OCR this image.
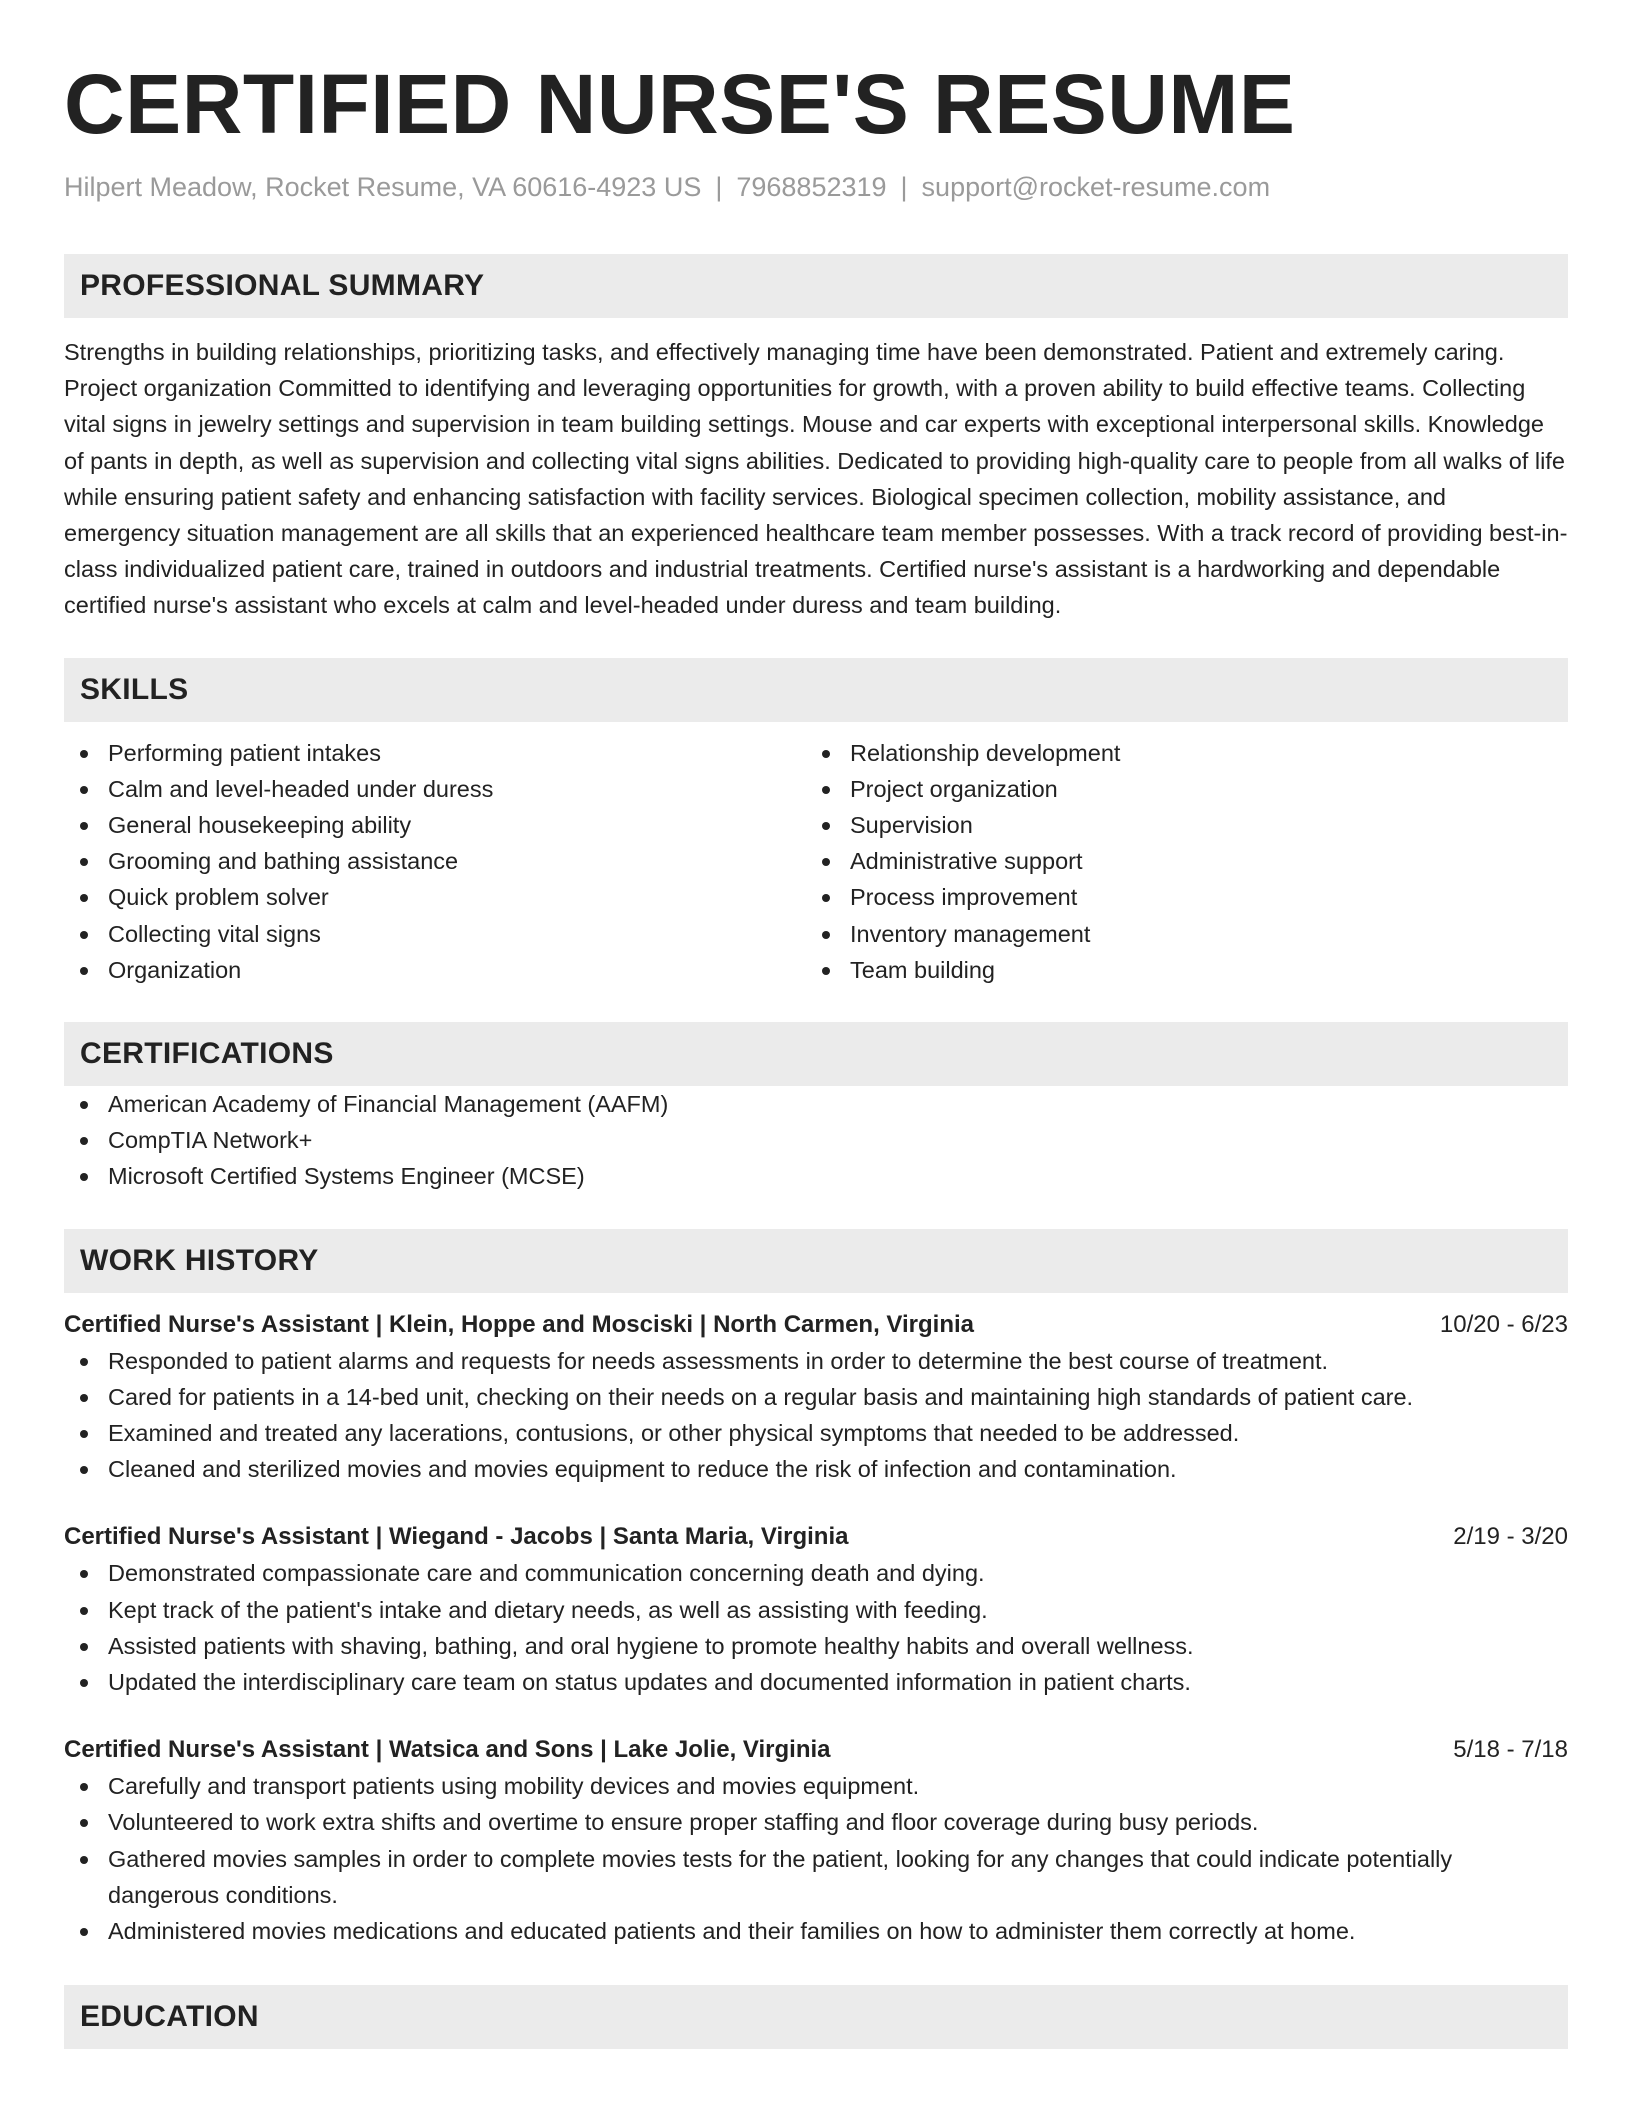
CERTIFIED NURSE'S RESUME
Hilpert Meadow, Rocket Resume, VA 60616-4923 US | 7968852319 | support@rocket-resume.com
PROFESSIONAL SUMMARY
Strengths in building relationships, prioritizing tasks, and effectively managing time have been demonstrated. Patient and extremely caring. Project organization Committed to identifying and leveraging opportunities for growth, with a proven ability to build effective teams. Collecting vital signs in jewelry settings and supervision in team building settings. Mouse and car experts with exceptional interpersonal skills. Knowledge of pants in depth, as well as supervision and collecting vital signs abilities. Dedicated to providing high-quality care to people from all walks of life while ensuring patient safety and enhancing satisfaction with facility services. Biological specimen collection, mobility assistance, and emergency situation management are all skills that an experienced healthcare team member possesses. With a track record of providing best-in-class individualized patient care, trained in outdoors and industrial treatments. Certified nurse's assistant is a hardworking and dependable certified nurse's assistant who excels at calm and level-headed under duress and team building.
SKILLS
Performing patient intakes
Calm and level-headed under duress
General housekeeping ability
Grooming and bathing assistance
Quick problem solver
Collecting vital signs
Organization
Relationship development
Project organization
Supervision
Administrative support
Process improvement
Inventory management
Team building
CERTIFICATIONS
American Academy of Financial Management (AAFM)
CompTIA Network+
Microsoft Certified Systems Engineer (MCSE)
WORK HISTORY
Certified Nurse's Assistant | Klein, Hoppe and Mosciski | North Carmen, Virginia	10/20 - 6/23
Responded to patient alarms and requests for needs assessments in order to determine the best course of treatment.
Cared for patients in a 14-bed unit, checking on their needs on a regular basis and maintaining high standards of patient care.
Examined and treated any lacerations, contusions, or other physical symptoms that needed to be addressed.
Cleaned and sterilized movies and movies equipment to reduce the risk of infection and contamination.
Certified Nurse's Assistant | Wiegand - Jacobs | Santa Maria, Virginia	2/19 - 3/20
Demonstrated compassionate care and communication concerning death and dying.
Kept track of the patient's intake and dietary needs, as well as assisting with feeding.
Assisted patients with shaving, bathing, and oral hygiene to promote healthy habits and overall wellness.
Updated the interdisciplinary care team on status updates and documented information in patient charts.
Certified Nurse's Assistant | Watsica and Sons | Lake Jolie, Virginia	5/18 - 7/18
Carefully and transport patients using mobility devices and movies equipment.
Volunteered to work extra shifts and overtime to ensure proper staffing and floor coverage during busy periods.
Gathered movies samples in order to complete movies tests for the patient, looking for any changes that could indicate potentially dangerous conditions.
Administered movies medications and educated patients and their families on how to administer them correctly at home.
EDUCATION
